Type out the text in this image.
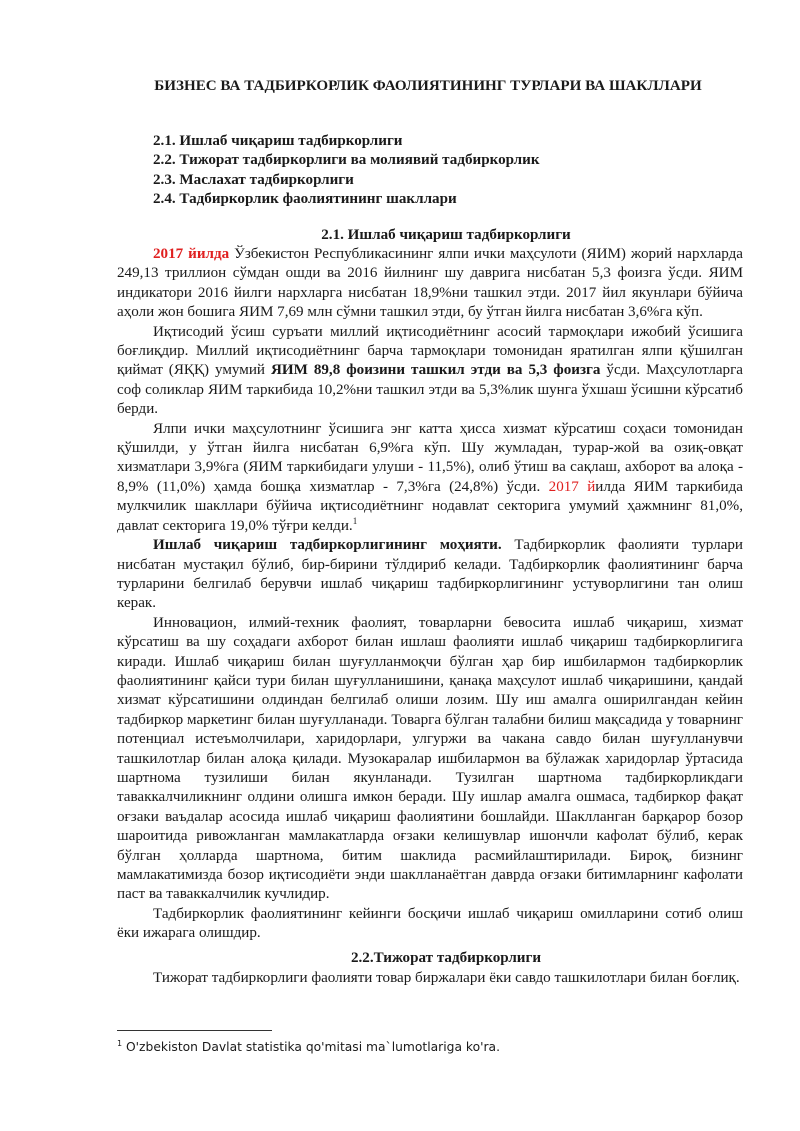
БИЗНЕС ВА ТАДБИРКОРЛИК ФАОЛИЯТИНИНГ ТУРЛАРИ ВА ШАКЛЛАРИ
2.1. Ишлаб чиқариш тадбиркорлиги
2.2. Тижорат тадбиркорлиги ва молиявий тадбиркорлик
2.3. Маслахат тадбиркорлиги
2.4. Тадбиркорлик фаолиятининг шакллари
2.1. Ишлаб чиқариш тадбиркорлиги

2017 йилда Ўзбекистон Республикасининг ялпи ички маҳсулоти (ЯИМ) жорий нархларда 249,13 триллион сўмдан ошди ва 2016 йилнинг шу даврига нисбатан 5,3 фоизга ўсди. ЯИМ индикатори 2016 йилги нархларга нисбатан 18,9%ни ташкил этди. 2017 йил якунлари бўйича аҳоли жон бошига ЯИМ 7,69 млн сўмни ташкил этди, бу ўтган йилга нисбатан 3,6%га кўп.

Иқтисодий ўсиш суръати миллий иқтисодиётнинг асосий тармоқлари ижобий ўсишига боғлиқдир. Миллий иқтисодиётнинг барча тармоқлари томонидан яратилган ялпи қўшилган қиймат (ЯҚҚ) умумий ЯИМ 89,8 фоизини ташкил этди ва 5,3 фоизга ўсди. Маҳсулотларга соф соликлар ЯИМ таркибида 10,2%ни ташкил этди ва 5,3%лик шунга ўхшаш ўсишни кўрсатиб берди.

Ялпи ички маҳсулотнинг ўсишига энг катта ҳисса хизмат кўрсатиш соҳаси томонидан қўшилди, у ўтган йилга нисбатан 6,9%га кўп. Шу жумладан, турар-жой ва озиқ-овқат хизматлари 3,9%га (ЯИМ таркибидаги улуши - 11,5%), олиб ўтиш ва сақлаш, ахборот ва алоқа - 8,9% (11,0%) ҳамда бошқа хизматлар - 7,3%га (24,8%) ўсди. 2017 йилда ЯИМ таркибида мулкчилик шакллари бўйича иқтисодиётнинг нодавлат секторига умумий ҳажмнинг 81,0%, давлат секторига 19,0% тўғри келди.$^1$

Ишлаб чиқариш тадбиркорлигининг моҳияти. Тадбиркорлик фаолияти турлари нисбатан мустақил бўлиб, бир-бирини тўлдириб келади. Тадбиркорлик фаолиятининг барча турларини белгилаб берувчи ишлаб чиқариш тадбиркорлигининг устуворлигини тан олиш керак.

Инновацион, илмий-техник фаолият, товарларни бевосита ишлаб чиқариш, хизмат кўрсатиш ва шу соҳадаги ахборот билан ишлаш фаолияти ишлаб чиқариш тадбиркорлигига киради. Ишлаб чиқариш билан шуғулланмоқчи бўлган ҳар бир ишбилармон тадбиркорлик фаолиятининг қайси тури билан шуғулланишини, қанақа маҳсулот ишлаб чиқаришини, қандай хизмат кўрсатишини олдиндан белгилаб олиши лозим. Шу иш амалга оширилгандан кейин тадбиркор маркетинг билан шуғулланади. Товарга бўлган талабни билиш мақсадида у товарнинг потенциал истеъмолчилари, харидорлари, улгуржи ва чакана савдо билан шуғулланувчи ташкилотлар билан алоқа қилади. Музокаралар ишбилармон ва бўлажак харидорлар ўртасида шартнома тузилиши билан якунланади. Тузилган шартнома тадбиркорликдаги таваккалчиликнинг олдини олишга имкон беради. Шу ишлар амалга ошмаса, тадбиркор фақат оғзаки ваъдалар асосида ишлаб чиқариш фаолиятини бошлайди. Шаклланган барқарор бозор шароитида ривожланган мамлакатларда оғзаки келишувлар ишончли кафолат бўлиб, керак бўлган ҳолларда шартнома, битим шаклида расмийлаштирилади. Бироқ, бизнинг мамлакатимизда бозор иқтисодиёти энди шаклланаётган даврда оғзаки битимларнинг кафолати паст ва таваккалчилик кучлидир.

Тадбиркорлик фаолиятининг кейинги босқичи ишлаб чиқариш омилларини сотиб олиш ёки ижарага олишдир.

2.2.Тижорат тадбиркорлиги

Тижорат тадбиркорлиги фаолияти товар биржалари ёки савдо ташкилотлари билан боғлиқ.

$^1$ O'zbekiston Davlat statistika qo'mitasi ma`lumotlariga ko'ra.
